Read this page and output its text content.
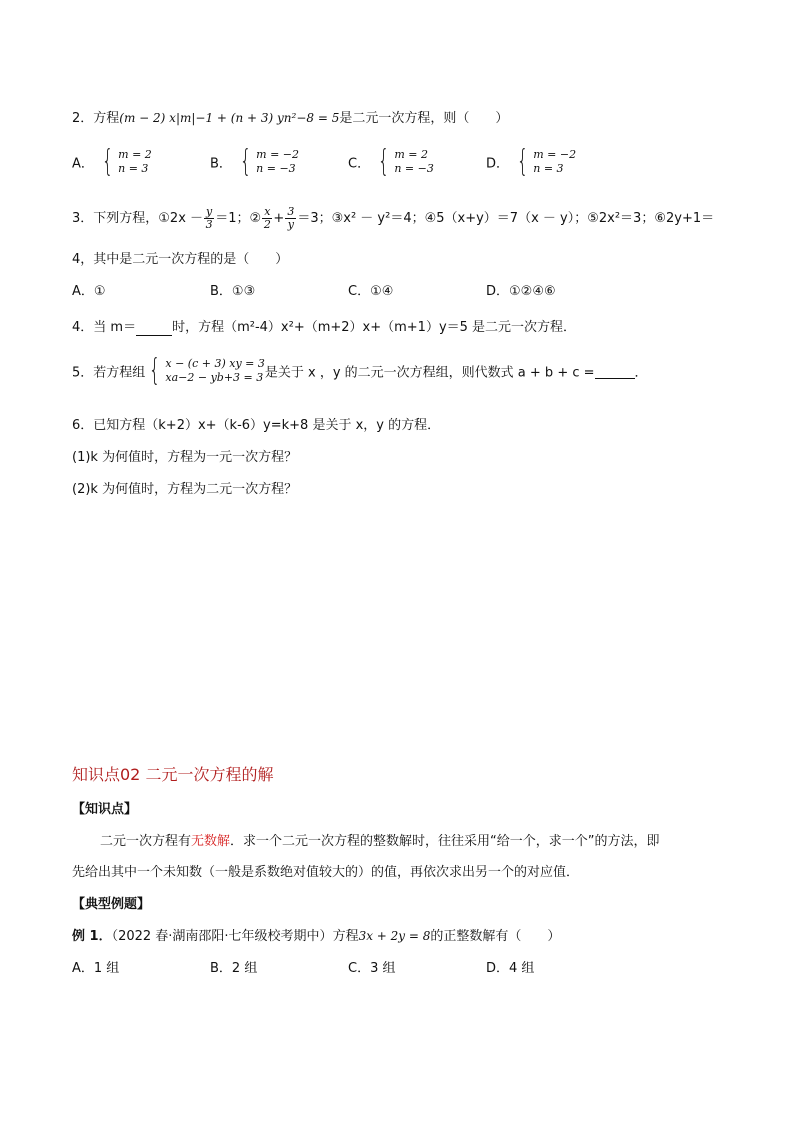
2．方程(m − 2) x|m|−1 + (n + 3) yn²−8 = 5是二元一次方程，则（　　）
A． { m = 2
n = 3	B． { m = −2
n = −3	C． { m = 2
n = −3	D． { m = −2
n = 3
3．下列方程，①2x － $\frac{y}{3} =1$；② $\frac{x}{2} + \frac{3}{y} =3$；③x² － y²＝4；④5（x+y）＝7（x － y）；⑤2x²＝3；⑥2y+1＝
4，其中是二元一次方程的是（　　）
A．①	B．①③	C．①④	D．①②④⑥
4．当 m＝	时，方程（m²-4）x²+（m+2）x+（m+1）y＝5 是二元一次方程．
5．若方程组 { x − (c + 3) xy = 3
xa−2 − yb+3 = 3 是关于 x ，y 的二元一次方程组，则代数式 a + b + c =	．
6．已知方程（k+2）x+（k-6）y=k+8 是关于 x，y 的方程．
(1)k 为何值时，方程为一元一次方程？
(2)k 为何值时，方程为二元一次方程？
知识点02 二元一次方程的解
【知识点】
二元一次方程有无数解．求一个二元一次方程的整数解时，往往采用“给一个，求一个”的方法，即
先给出其中一个未知数（一般是系数绝对值较大的）的值，再依次求出另一个的对应值．
【典型例题】
例 1．（2022 春·湖南邵阳·七年级校考期中）方程3x + 2y = 8的正整数解有（　　）
A．1 组	B．2 组	C．3 组	D．4 组
